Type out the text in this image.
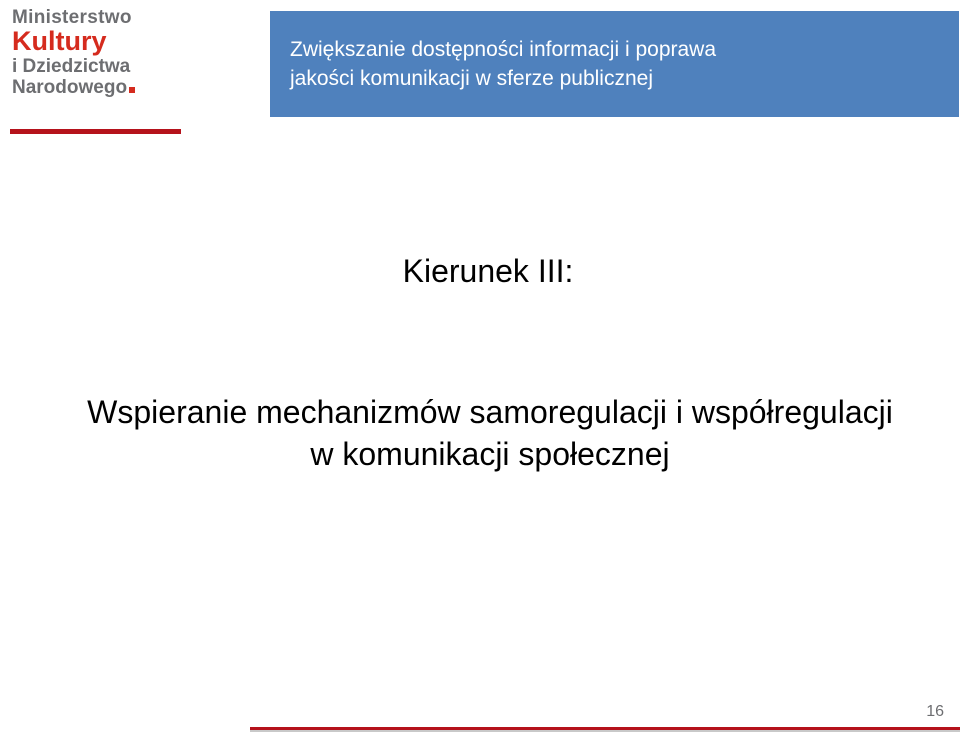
Ministerstwo
Kultury
i Dziedzictwa
Narodowego

Zwiększanie dostępności informacji i poprawa
jakości komunikacji w sferze publicznej

Kierunek III:

Wspieranie mechanizmów samoregulacji i współregulacji
w komunikacji społecznej

16
